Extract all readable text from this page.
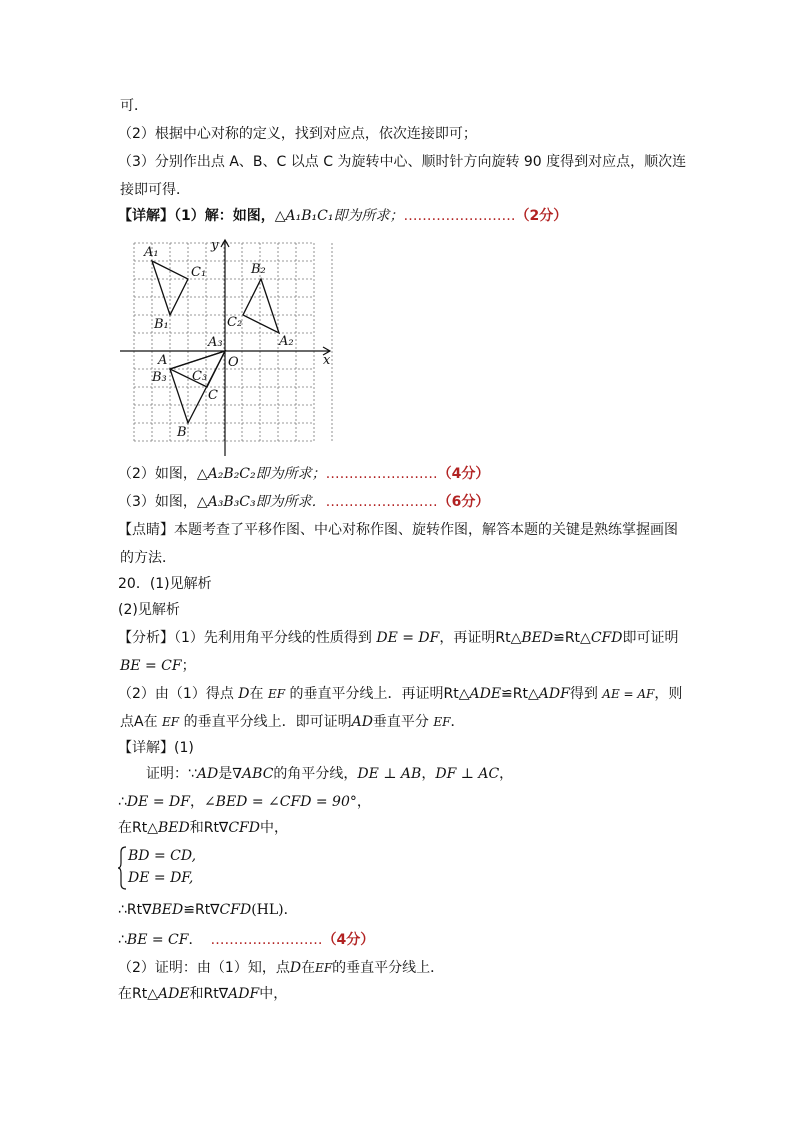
可．
（2）根据中心对称的定义，找到对应点，依次连接即可；
（3）分别作出点 A、B、C 以点 C 为旋转中心、顺时针方向旋转 90 度得到对应点，顺次连
接即可得．
【详解】（1）解：如图，△A₁B₁C₁即为所求；……………………（2分）
y
x
O
A₁
C₁
B₁
B₂
C₂
A₂
A₃
A
B₃ C₃
C
B
（2）如图，△A₂B₂C₂即为所求；……………………（4分）
（3）如图，△A₃B₃C₃即为所求．……………………（6分）
【点睛】本题考查了平移作图、中心对称作图、旋转作图，解答本题的关键是熟练掌握画图
的方法．
20．(1)见解析
(2)见解析
【分析】（1）先利用角平分线的性质得到 DE = DF，再证明Rt△BED≌Rt△CFD即可证明
BE = CF；
（2）由（1）得点 D在 EF 的垂直平分线上．再证明Rt△ADE≌Rt△ADF得到 AE = AF，则
点A在 EF 的垂直平分线上．即可证明AD垂直平分 EF．
【详解】(1)
证明：∵AD是∇ABC的角平分线，DE ⊥ AB，DF ⊥ AC，
∴DE = DF，∠BED = ∠CFD = 90°，
在Rt△BED和Rt∇CFD中，
BD = CD,
DE = DF,
∴Rt∇BED≌Rt∇CFD(HL)．
∴BE = CF． ……………………（4分）
（2）证明：由（1）知，点D在EF的垂直平分线上．
在Rt△ADE和Rt∇ADF中，
